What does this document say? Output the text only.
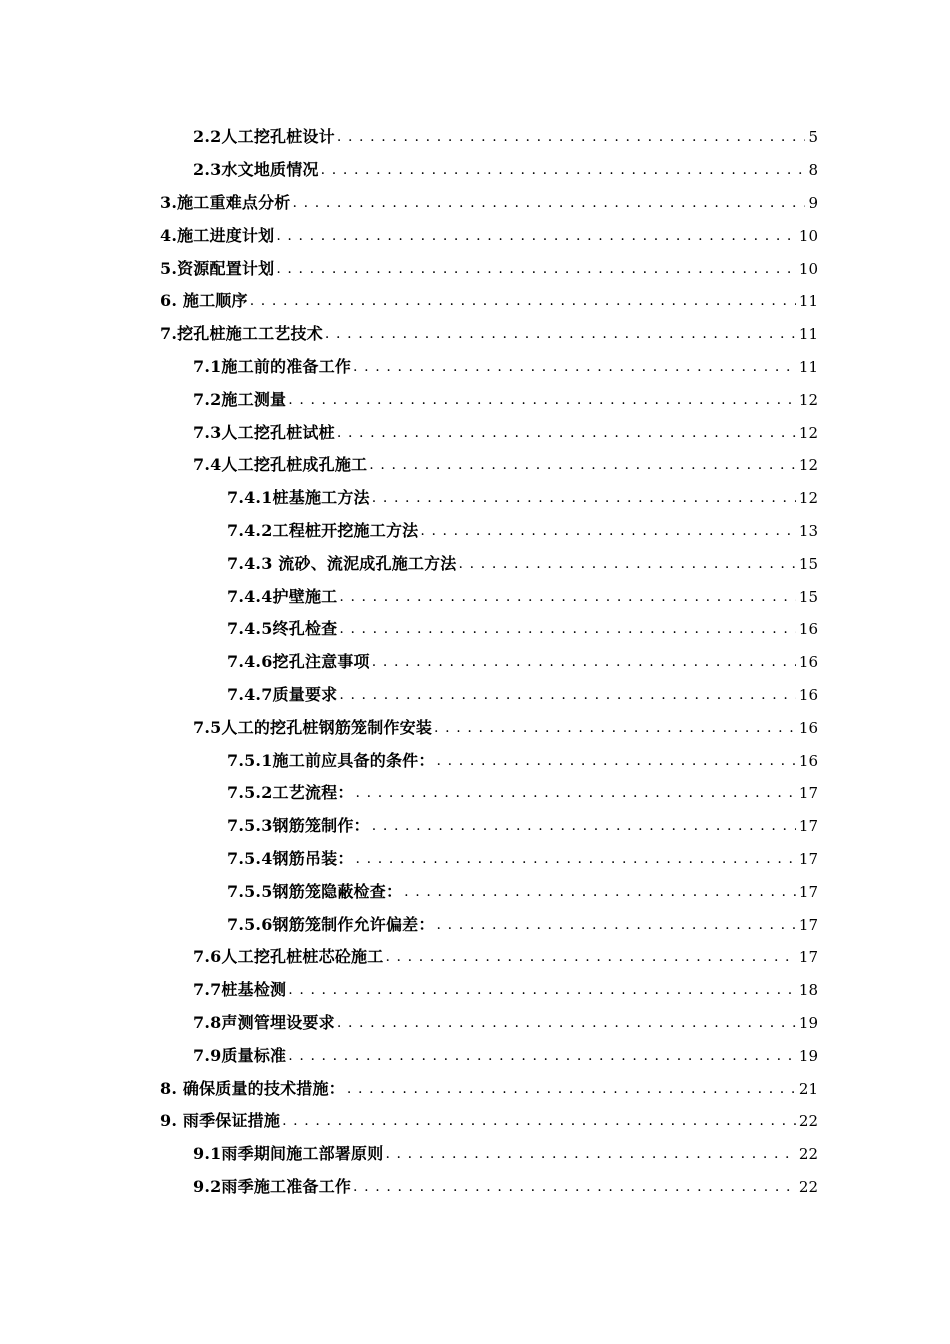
2.2人工挖孔桩设计 . . .	5
2.3水文地质情况 . . .	8
3.施工重难点分析 . . .	9
4.施工进度计划 . . .	10
5.资源配置计划 . . .	10
6. 施工顺序 . . .	11
7.挖孔桩施工工艺技术 . . .	11
7.1施工前的准备工作 . . .	11
7.2施工测量 . . .	12
7.3人工挖孔桩试桩 . . .	12
7.4人工挖孔桩成孔施工 . . .	12
7.4.1桩基施工方法 . . .	12
7.4.2工程桩开挖施工方法 . . .	13
7.4.3 流砂、流泥成孔施工方法 . . .	15
7.4.4护壁施工 . . .	15
7.4.5终孔检查 . . .	16
7.4.6挖孔注意事项 . . .	16
7.4.7质量要求 . . .	16
7.5人工的挖孔桩钢筋笼制作安装 . . .	16
7.5.1施工前应具备的条件： . . .	16
7.5.2工艺流程： . . .	17
7.5.3钢筋笼制作： . . .	17
7.5.4钢筋吊装： . . .	17
7.5.5钢筋笼隐蔽检查： . . .	17
7.5.6钢筋笼制作允许偏差： . . .	17
7.6人工挖孔桩桩芯砼施工 . . .	17
7.7桩基检测 . . .	18
7.8声测管埋设要求 . . .	19
7.9质量标准 . . .	19
8. 确保质量的技术措施： . . .	21
9. 雨季保证措施 . . .	22
9.1雨季期间施工部署原则 . . .	22
9.2雨季施工准备工作 . . .	22
